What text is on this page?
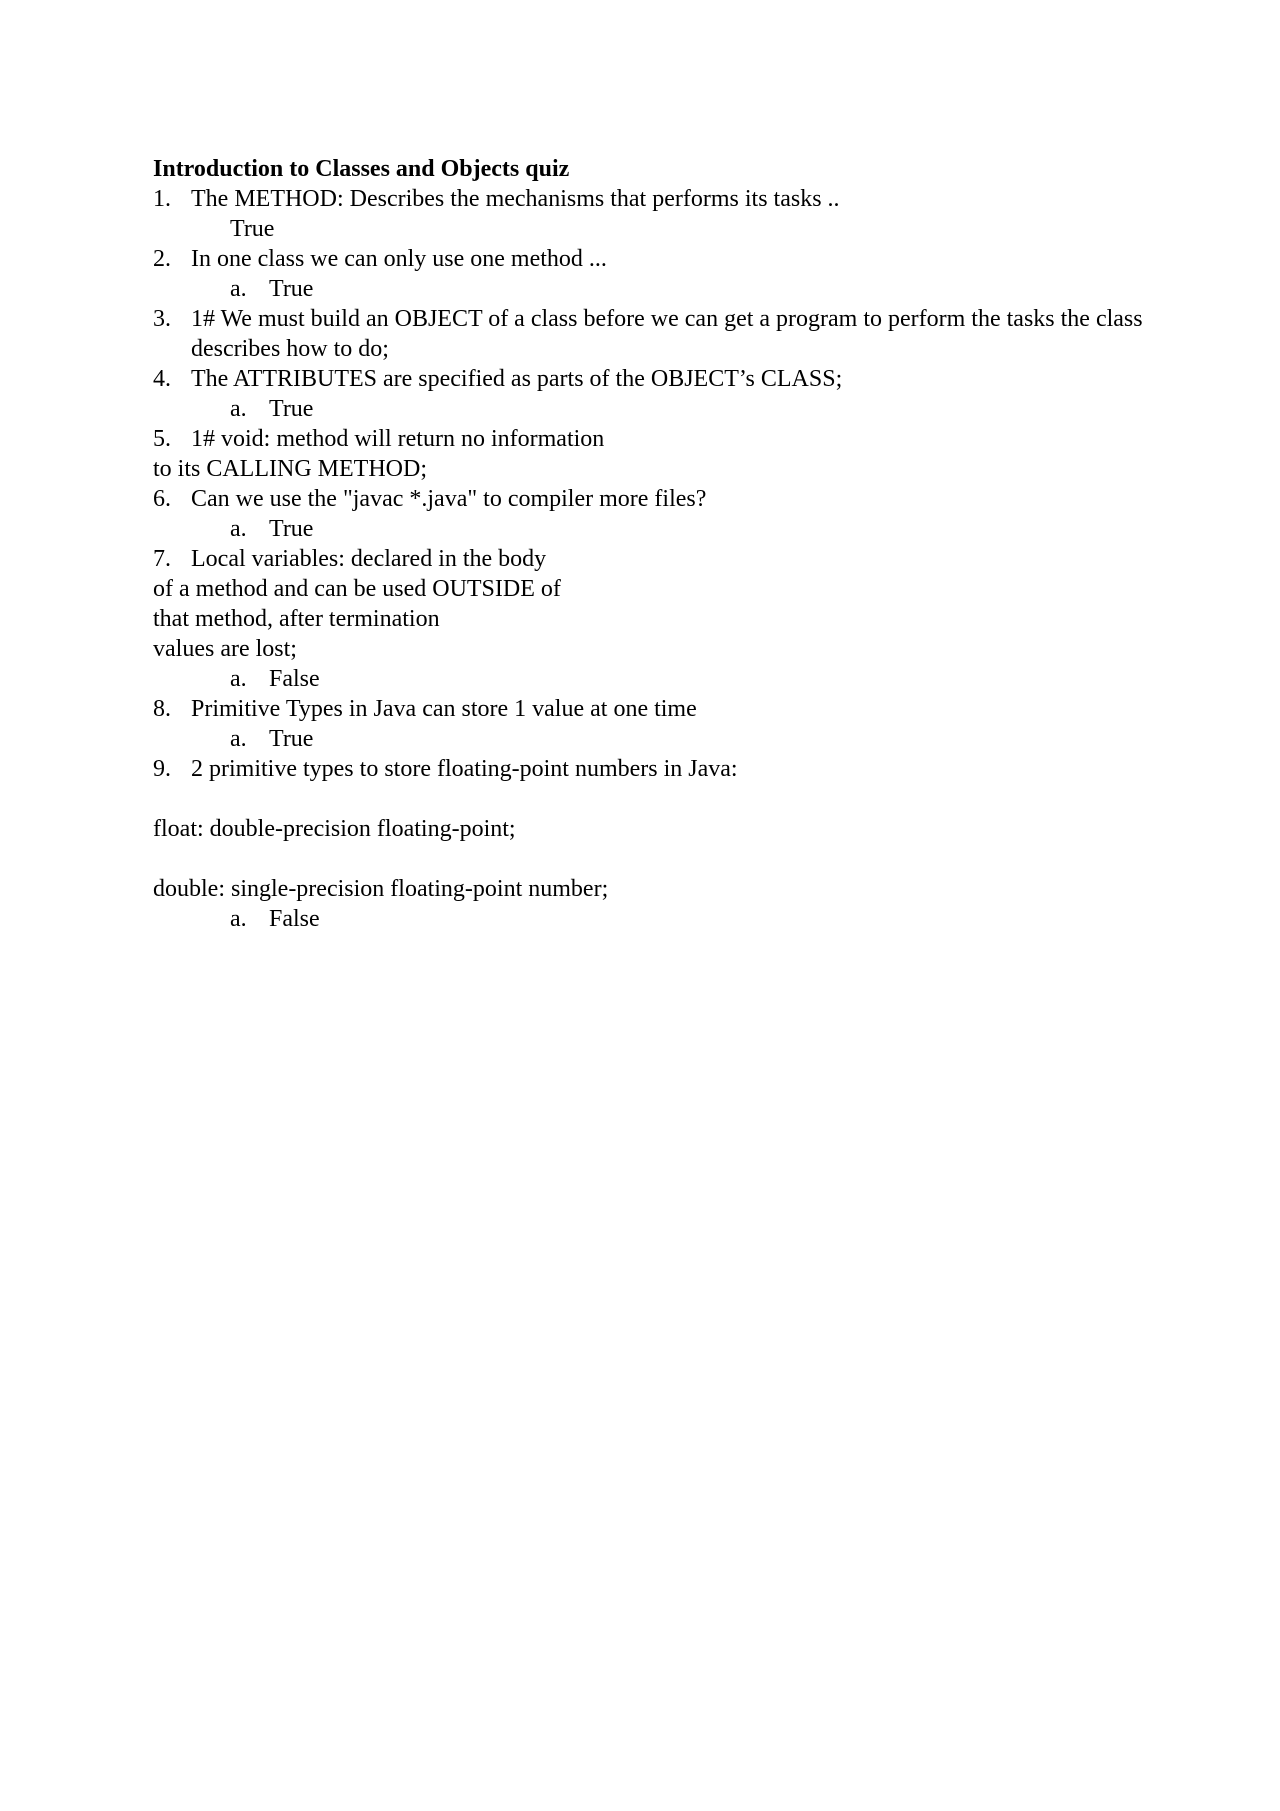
Introduction to Classes and Objects quiz
1. The METHOD: Describes the mechanisms that performs its tasks ..
True
2. In one class we can only use one method ...
a. True
3. 1# We must build an OBJECT of a class before we can get a program to perform the tasks the class describes how to do;
4. The ATTRIBUTES are specified as parts of the OBJECT’s CLASS;
a. True
5. 1# void: method will return no information
to its CALLING METHOD;
6. Can we use the "javac *.java" to compiler more files?
a. True
7. Local variables: declared in the body
of a method and can be used OUTSIDE of
that method, after termination
values are lost;
a. False
8. Primitive Types in Java can store 1 value at one time
a. True
9. 2 primitive types to store floating-point numbers in Java:
float: double-precision floating-point;
double: single-precision floating-point number;
a. False
